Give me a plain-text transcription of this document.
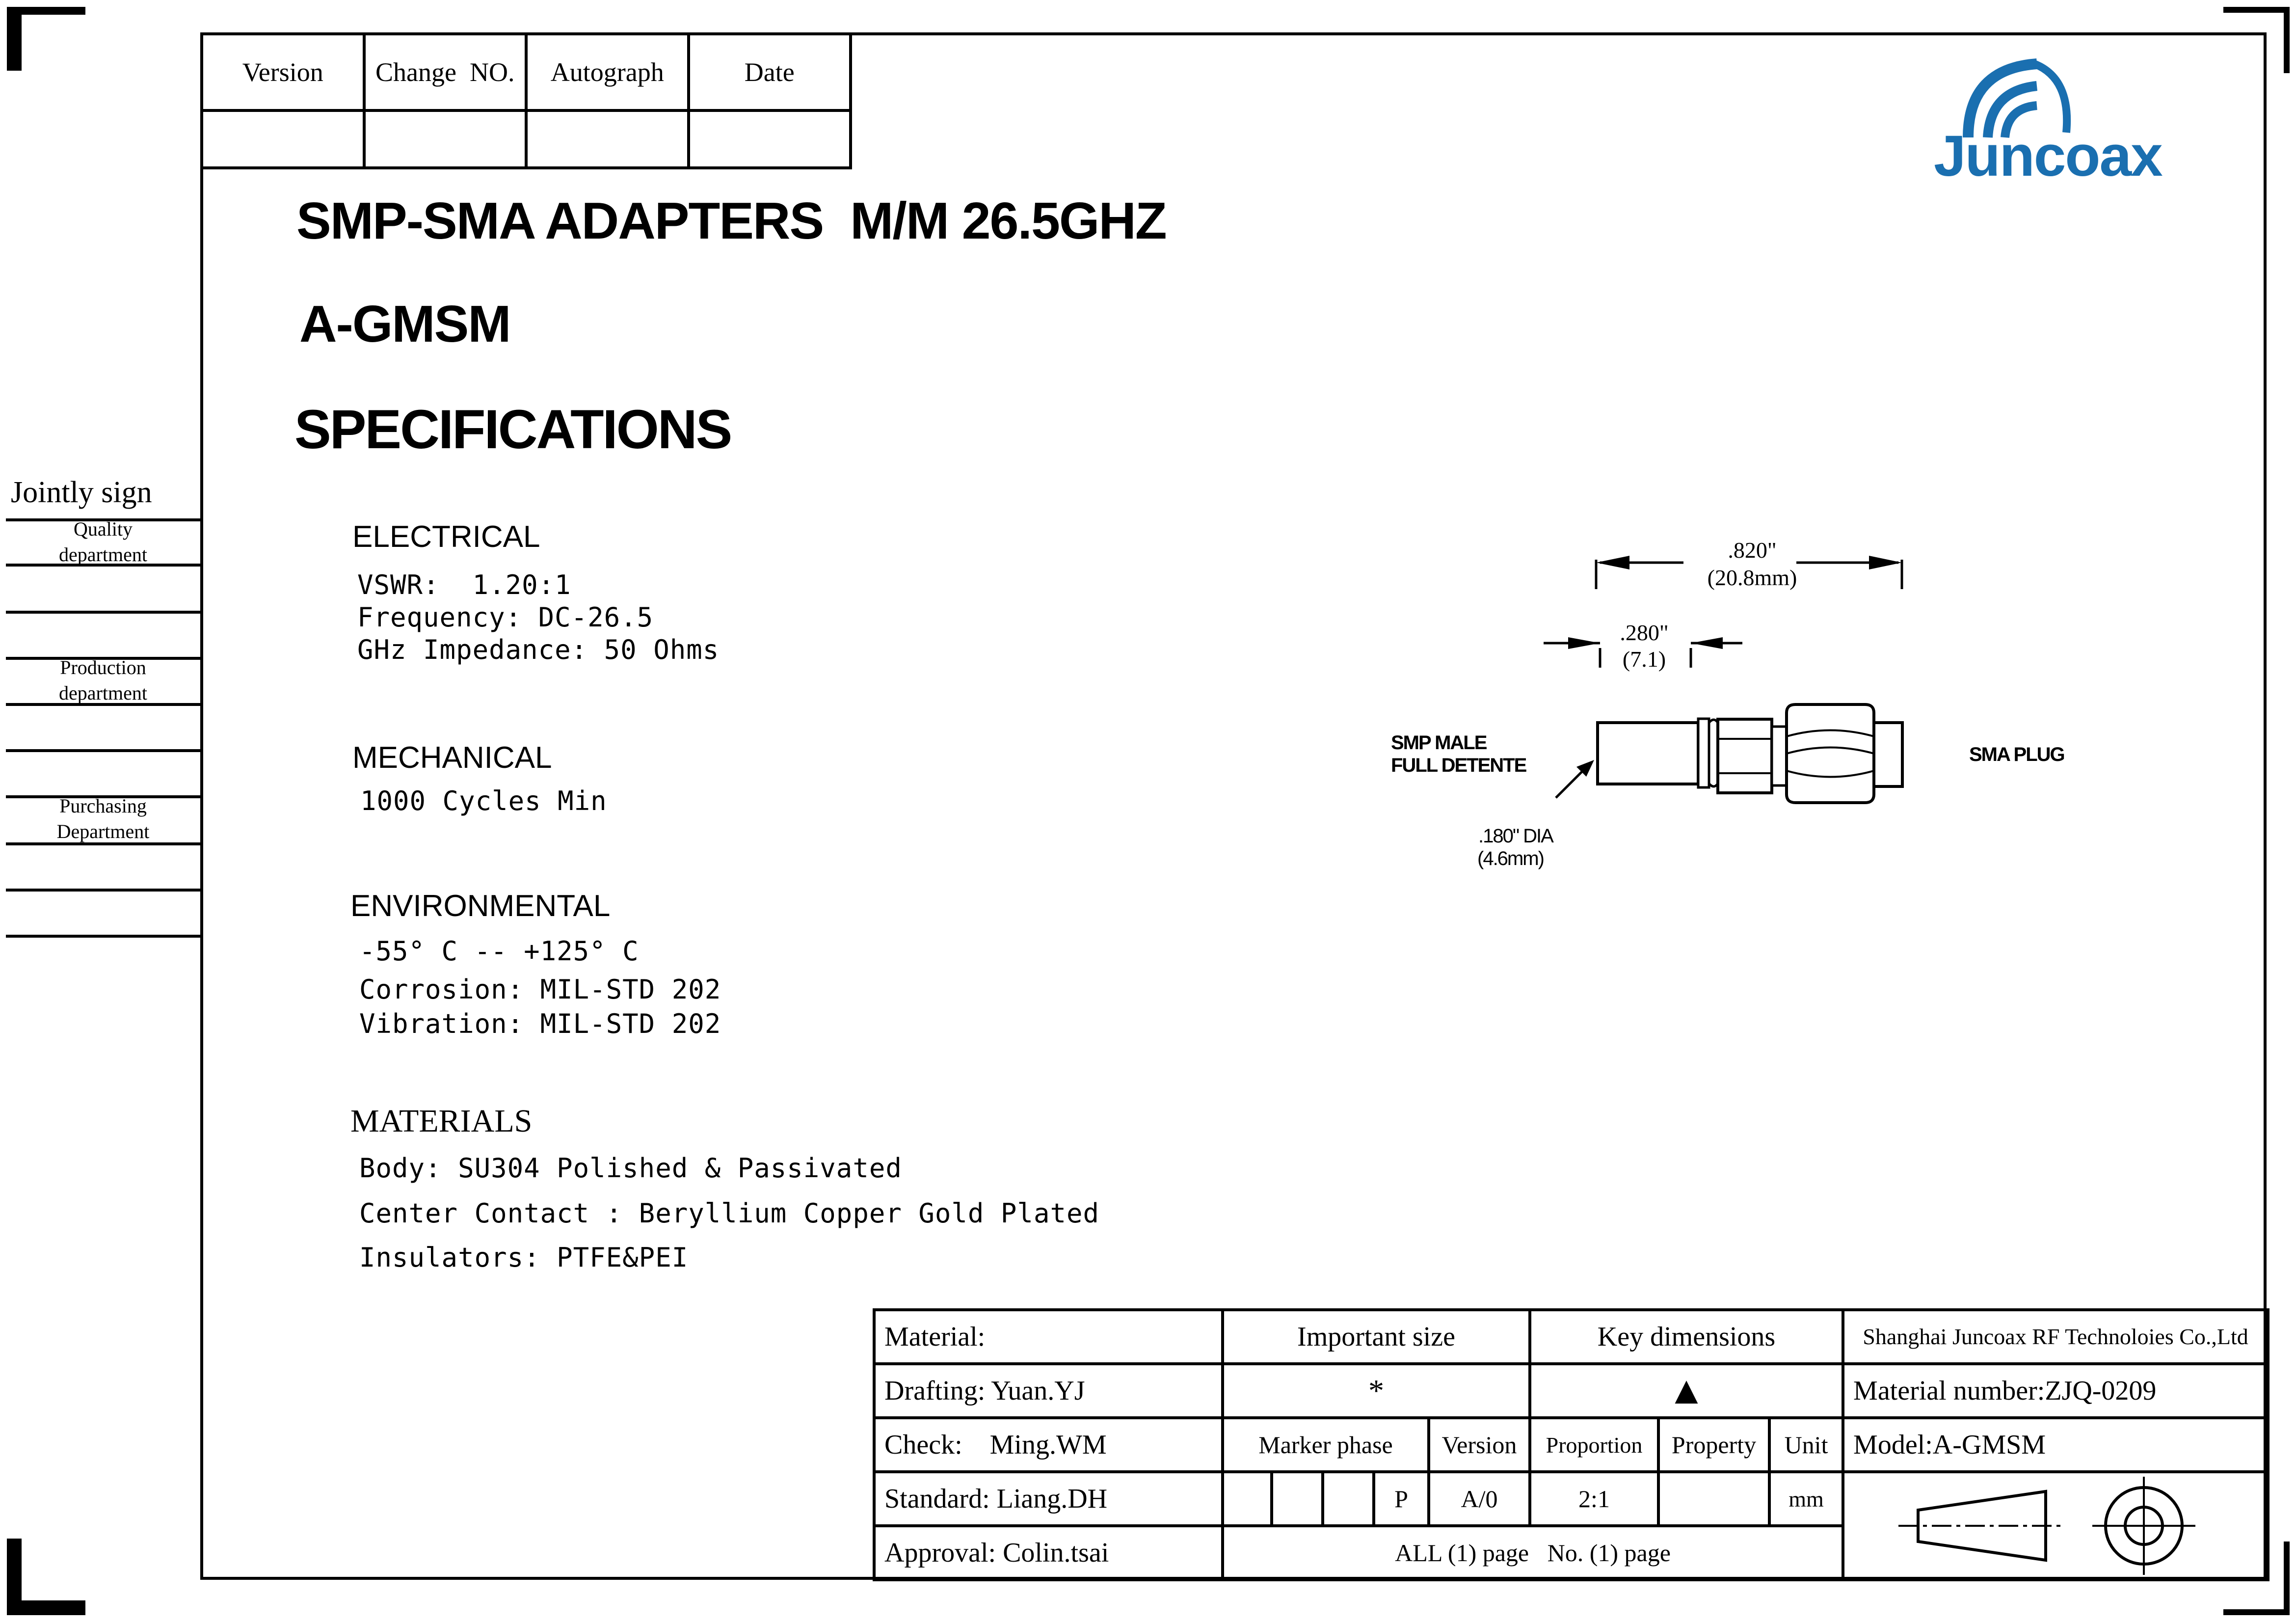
Version	Change  NO.	Autograph	Date

Juncoax
SMP-SMA ADAPTERS  M/M 26.5GHZ
A-GMSM
SPECIFICATIONS
Jointly sign
Quality department
Production department
Purchasing Department
ELECTRICAL
VSWR:  1.20:1
Frequency: DC-26.5
GHz Impedance: 50 Ohms
MECHANICAL
1000 Cycles Min
ENVIRONMENTAL
-55° C -- +125° C
Corrosion: MIL-STD 202
Vibration: MIL-STD 202
MATERIALS
Body: SU304 Polished & Passivated
Center Contact : Beryllium Copper Gold Plated
Insulators: PTFE&PEI
.820"
(20.8mm)
.280"
(7.1)
SMP MALE
FULL DETENTE	SMA PLUG
.180" DIA
(4.6mm)
Material:	Important size					Key dimensions			Shanghai Juncoax RF Technoloies Co.,Ltd
Drafting: Yuan.YJ	*					▲			Material number:ZJQ-0209
Check:    Ming.WM	Marker phase				Version	Proportion	Property	Unit	Model:A-GMSM
Standard: Liang.DH				P	A/0	2:1		mm	

Approval: Colin.tsai	ALL (1) page   No. (1) page								
